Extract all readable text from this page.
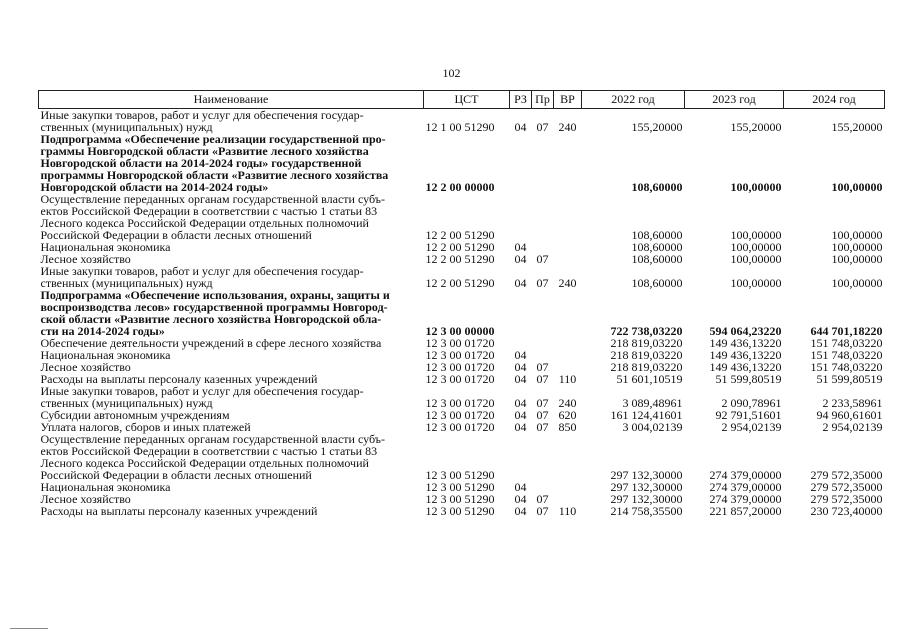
102
Наименование	ЦСТ	РЗ	Пр	ВР	2022 год	2023 год	2024 год

Иные закупки товаров, работ и услуг для обеспечения государ-
ственных (муниципальных) нужд	12 1 00 51290	04	07	240	155,20000	155,20000	155,20000

Подпрограмма «Обеспечение реализации государственной про-
граммы Новгородской области «Развитие лесного хозяйства
Новгородской области на 2014-2024 годы» государственной
программы Новгородской области «Развитие лесного хозяйства
Новгородской области на 2014-2024 годы»	12 2 00 00000				108,60000	100,00000	100,00000

Осуществление переданных органам государственной власти субъ-
ектов Российской Федерации в соответствии с частью 1 статьи 83
Лесного кодекса Российской Федерации отдельных полномочий
Российской Федерации в области лесных отношений	12 2 00 51290				108,60000	100,00000	100,00000

Национальная экономика	12 2 00 51290	04			108,60000	100,00000	100,00000

Лесное хозяйство	12 2 00 51290	04	07		108,60000	100,00000	100,00000

Иные закупки товаров, работ и услуг для обеспечения государ-
ственных (муниципальных) нужд	12 2 00 51290	04	07	240	108,60000	100,00000	100,00000

Подпрограмма «Обеспечение использования, охраны, защиты и
воспроизводства лесов» государственной программы Новгород-
ской области «Развитие лесного хозяйства Новгородской обла-
сти на 2014-2024 годы»	12 3 00 00000				722 738,03220	594 064,23220	644 701,18220

Обеспечение деятельности учреждений в сфере лесного хозяйства	12 3 00 01720				218 819,03220	149 436,13220	151 748,03220

Национальная экономика	12 3 00 01720	04			218 819,03220	149 436,13220	151 748,03220

Лесное хозяйство	12 3 00 01720	04	07		218 819,03220	149 436,13220	151 748,03220

Расходы на выплаты персоналу казенных учреждений	12 3 00 01720	04	07	110	51 601,10519	51 599,80519	51 599,80519

Иные закупки товаров, работ и услуг для обеспечения государ-
ственных (муниципальных) нужд	12 3 00 01720	04	07	240	3 089,48961	2 090,78961	2 233,58961

Субсидии автономным учреждениям	12 3 00 01720	04	07	620	161 124,41601	92 791,51601	94 960,61601

Уплата налогов, сборов и иных платежей	12 3 00 01720	04	07	850	3 004,02139	2 954,02139	2 954,02139

Осуществление переданных органам государственной власти субъ-
ектов Российской Федерации в соответствии с частью 1 статьи 83
Лесного кодекса Российской Федерации отдельных полномочий
Российской Федерации в области лесных отношений	12 3 00 51290				297 132,30000	274 379,00000	279 572,35000

Национальная экономика	12 3 00 51290	04			297 132,30000	274 379,00000	279 572,35000

Лесное хозяйство	12 3 00 51290	04	07		297 132,30000	274 379,00000	279 572,35000

Расходы на выплаты персоналу казенных учреждений	12 3 00 51290	04	07	110	214 758,35500	221 857,20000	230 723,40000
